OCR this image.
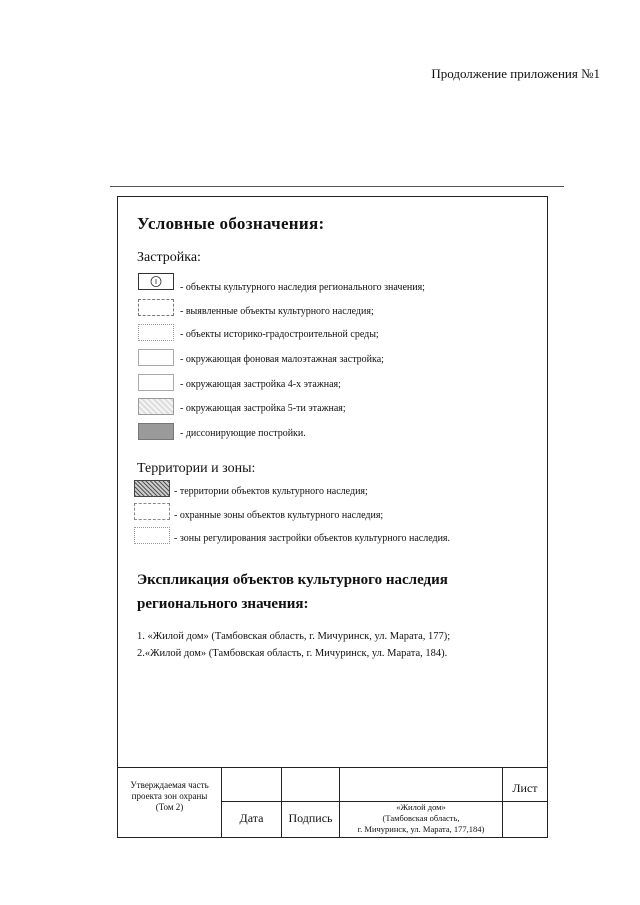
Продолжение приложения №1
Условные обозначения:
Застройка:
- объекты культурного наследия регионального значения;
- выявленные объекты культурного наследия;
- объекты историко-градостроительной среды;
- окружающая фоновая малоэтажная застройка;
- окружающая застройка 4-х этажная;
- окружающая застройка 5-ти этажная;
- диссонирующие постройки.
Территории и зоны:
- территории объектов культурного наследия;
- охранные зоны объектов культурного наследия;
- зоны регулирования застройки объектов культурного наследия.
Экспликация объектов культурного наследия
регионального значения:
1. «Жилой дом» (Тамбовская область, г. Мичуринск, ул. Марата, 177);
2.«Жилой дом» (Тамбовская область, г. Мичуринск, ул. Марата, 184).
Утверждаемая часть
проекта зон охраны
(Том 2)
Дата	Подпись
«Жилой дом»
(Тамбовская область,
г. Мичуринск, ул. Марата, 177,184)
Лист
